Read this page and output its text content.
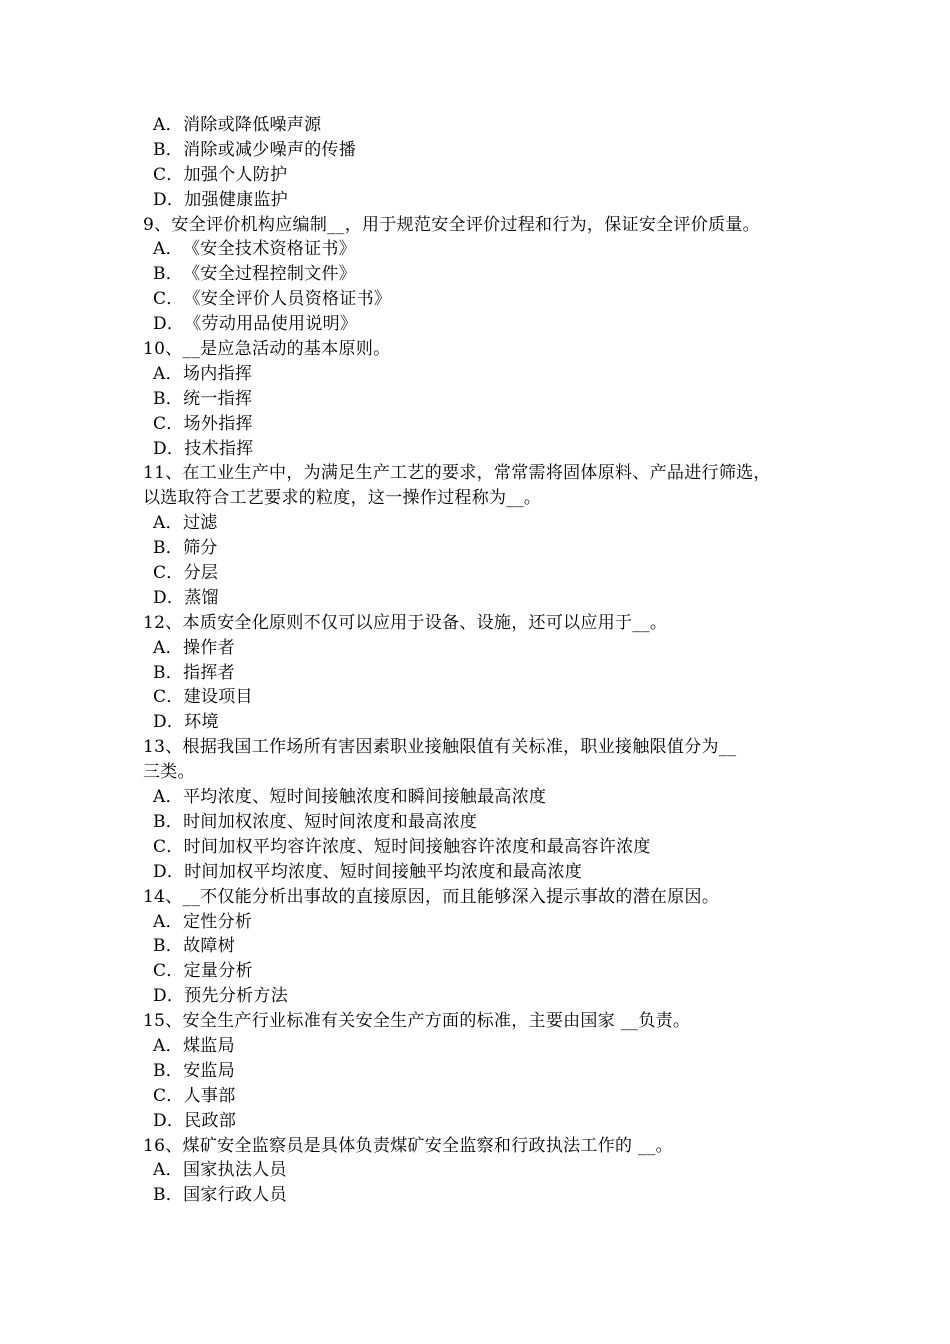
A．消除或降低噪声源
B．消除或减少噪声的传播
C．加强个人防护
D．加强健康监护
9、安全评价机构应编制__，用于规范安全评价过程和行为，保证安全评价质量。
A．《安全技术资格证书》
B．《安全过程控制文件》
C．《安全评价人员资格证书》
D．《劳动用品使用说明》
10、__是应急活动的基本原则。
A．场内指挥
B．统一指挥
C．场外指挥
D．技术指挥
11、在工业生产中，为满足生产工艺的要求，常常需将固体原料、产品进行筛选，
以选取符合工艺要求的粒度，这一操作过程称为__。
A．过滤
B．筛分
C．分层
D．蒸馏
12、本质安全化原则不仅可以应用于设备、设施，还可以应用于__。
A．操作者
B．指挥者
C．建设项目
D．环境
13、根据我国工作场所有害因素职业接触限值有关标准，职业接触限值分为__
三类。
A．平均浓度、短时间接触浓度和瞬间接触最高浓度
B．时间加权浓度、短时间浓度和最高浓度
C．时间加权平均容许浓度、短时间接触容许浓度和最高容许浓度
D．时间加权平均浓度、短时间接触平均浓度和最高浓度
14、__不仅能分析出事故的直接原因，而且能够深入提示事故的潜在原因。
A．定性分析
B．故障树
C．定量分析
D．预先分析方法
15、安全生产行业标准有关安全生产方面的标准，主要由国家 __负责。
A．煤监局
B．安监局
C．人事部
D．民政部
16、煤矿安全监察员是具体负责煤矿安全监察和行政执法工作的 __。
A．国家执法人员
B．国家行政人员
